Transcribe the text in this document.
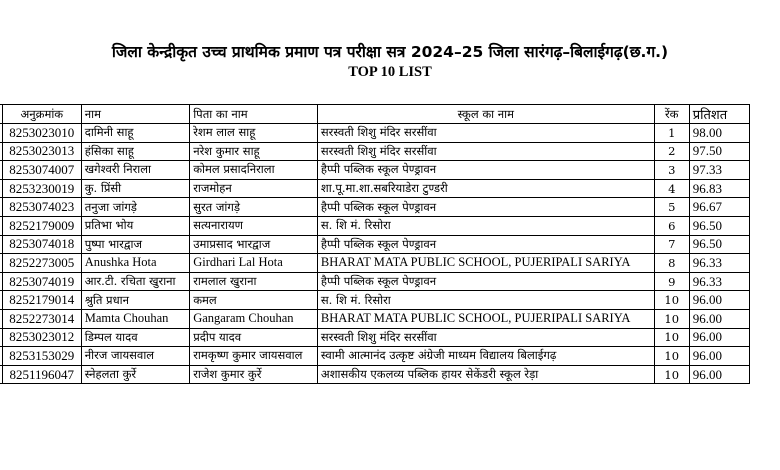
जिला केन्द्रीकृत उच्च प्राथमिक प्रमाण पत्र परीक्षा सत्र 2024–25 जिला सारंगढ़–बिलाईगढ़(छ.ग.)
TOP 10 LIST
	अनुक्रमांक	नाम	पिता का नाम	स्कूल का नाम	रेंक	प्रतिशत
	8253023010	दामिनी साहू	रेशम लाल साहू	सरस्वती शिशु मंदिर सरसींवा	1	98.00
	8253023013	हंसिका साहू	नरेश कुमार साहू	सरस्वती शिशु मंदिर सरसींवा	2	97.50
	8253074007	खगेश्वरी निराला	कोमल प्रसादनिराला	हैप्पी पब्लिक स्कूल पेण्ड्रावन	3	97.33
	8253230019	कु. प्रिंसी	राजमोहन	शा.पू.मा.शा.सबरियाडेरा टुण्डरी	4	96.83
	8253074023	तनुजा जांगड़े	सुरत जांगड़े	हैप्पी पब्लिक स्कूल पेण्ड्रावन	5	96.67
	8252179009	प्रतिभा भोय	सत्यनारायण	स. शि मं. रिसोरा	6	96.50
	8253074018	पुष्पा भारद्वाज	उमाप्रसाद भारद्वाज	हैप्पी पब्लिक स्कूल पेण्ड्रावन	7	96.50
	8252273005	Anushka Hota	Girdhari Lal Hota	BHARAT MATA PUBLIC SCHOOL, PUJERIPALI SARIYA	8	96.33
	8253074019	आर.टी. रचिता खुराना	रामलाल खुराना	हैप्पी पब्लिक स्कूल पेण्ड्रावन	9	96.33
	8252179014	श्रुति प्रधान	कमल	स. शि मं. रिसोरा	10	96.00
	8252273014	Mamta Chouhan	Gangaram Chouhan	BHARAT MATA PUBLIC SCHOOL, PUJERIPALI SARIYA	10	96.00
	8253023012	डिम्पल यादव	प्रदीप यादव	सरस्वती शिशु मंदिर सरसींवा	10	96.00
	8253153029	नीरज जायसवाल	रामकृष्ण कुमार जायसवाल	स्वामी आत्मानंद उत्कृष्ट अंग्रेजी माध्यम विद्यालय बिलाईगढ़	10	96.00
	8251196047	स्नेहलता कुर्रे	राजेश कुमार कुर्रे	अशासकीय एकलव्य पब्लिक हायर सेकेंडरी स्कूल रेड़ा	10	96.00
